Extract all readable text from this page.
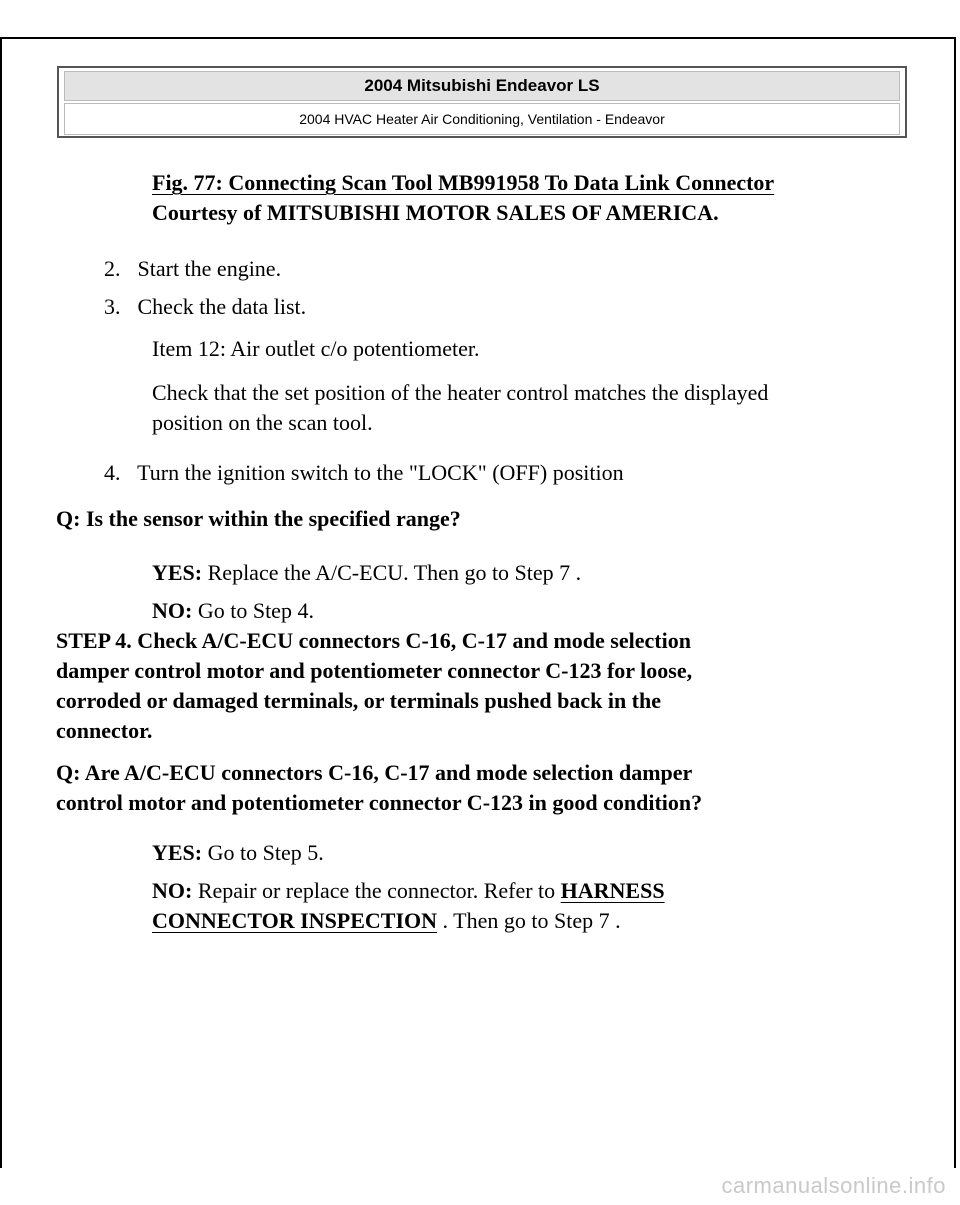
2004 Mitsubishi Endeavor LS
2004 HVAC Heater Air Conditioning, Ventilation - Endeavor
Fig. 77: Connecting Scan Tool MB991958 To Data Link Connector
Courtesy of MITSUBISHI MOTOR SALES OF AMERICA.
2. Start the engine.
3. Check the data list.
Item 12: Air outlet c/o potentiometer.
Check that the set position of the heater control matches the displayed
position on the scan tool.
4. Turn the ignition switch to the "LOCK" (OFF) position
Q: Is the sensor within the specified range?
YES: Replace the A/C-ECU. Then go to Step 7 .
NO: Go to Step 4.
STEP 4. Check A/C-ECU connectors C-16, C-17 and mode selection
damper control motor and potentiometer connector C-123 for loose,
corroded or damaged terminals, or terminals pushed back in the
connector.
Q: Are A/C-ECU connectors C-16, C-17 and mode selection damper
control motor and potentiometer connector C-123 in good condition?
YES: Go to Step 5.
NO: Repair or replace the connector. Refer to HARNESS
CONNECTOR INSPECTION . Then go to Step 7 .
carmanualsonline.info
